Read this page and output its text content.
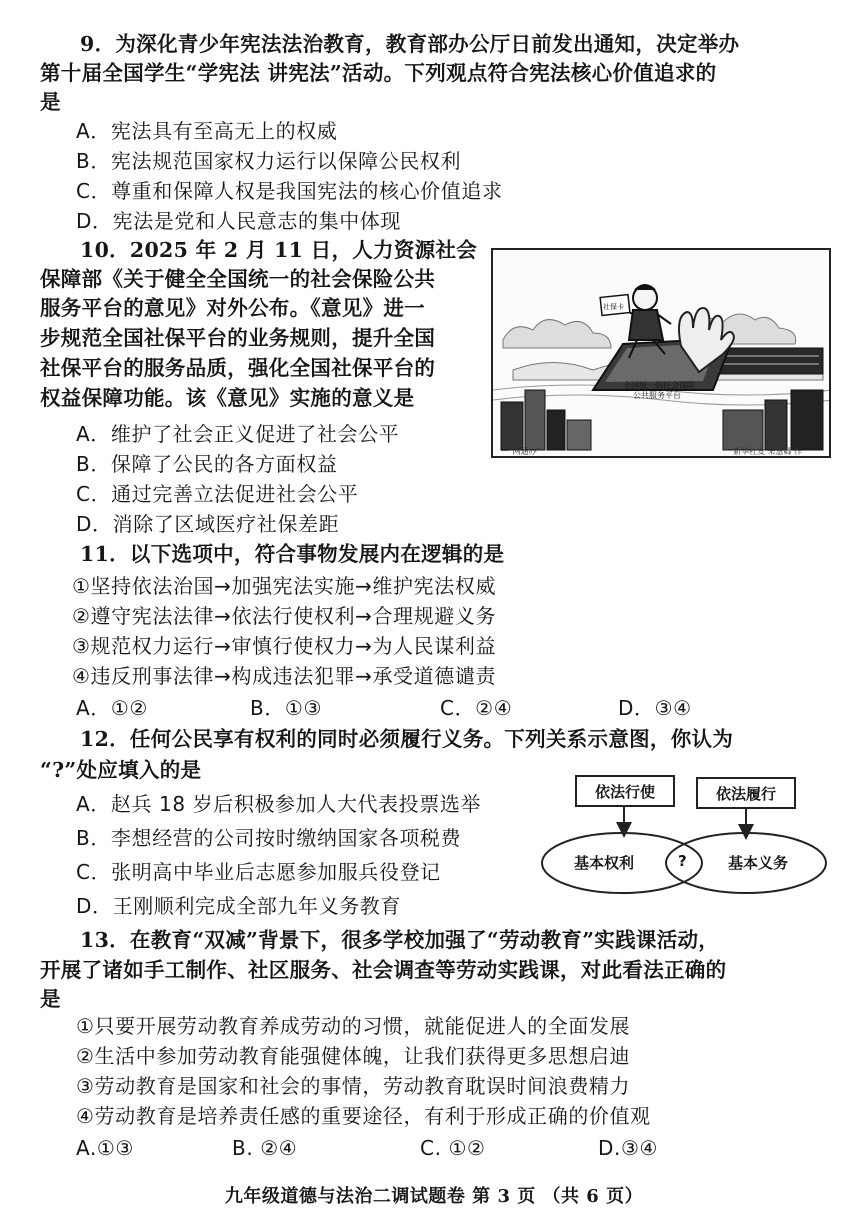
9．为深化青少年宪法法治教育，教育部办公厅日前发出通知，决定举办
第十届全国学生“学宪法 讲宪法”活动。下列观点符合宪法核心价值追求的
是
A．宪法具有至高无上的权威
B．宪法规范国家权力运行以保障公民权利
C．尊重和保障人权是我国宪法的核心价值追求
D．宪法是党和人民意志的集中体现
10．2025 年 2 月 11 日，人力资源社会
保障部《关于健全全国统一的社会保险公共
服务平台的意见》对外公布。《意见》进一
步规范全国社保平台的业务规则，提升全国
社保平台的服务品质，强化全国社保平台的
权益保障功能。该《意见》实施的意义是
A．维护了社会正义促进了社会公平
B．保障了公民的各方面权益
C．通过完善立法促进社会公平
D．消除了区域医疗社保差距
全国统一的社会保险
公共服务平台
社保卡
一"网通办"	新华社发 朱慧卿 作
11．以下选项中，符合事物发展内在逻辑的是
①坚持依法治国→加强宪法实施→维护宪法权威
②遵守宪法法律→依法行使权利→合理规避义务
③规范权力运行→审慎行使权力→为人民谋利益
④违反刑事法律→构成违法犯罪→承受道德谴责
A．①②	B．①③	C．②④	D．③④
12．任何公民享有权利的同时必须履行义务。下列关系示意图，你认为
“?”处应填入的是
A．赵兵 18 岁后积极参加人大代表投票选举
B．李想经营的公司按时缴纳国家各项税费
C．张明高中毕业后志愿参加服兵役登记
D．王刚顺利完成全部九年义务教育
依法行使	依法履行
基本权利	?	基本义务
13．在教育“双减”背景下，很多学校加强了“劳动教育”实践课活动，
开展了诸如手工制作、社区服务、社会调查等劳动实践课，对此看法正确的
是
①只要开展劳动教育养成劳动的习惯，就能促进人的全面发展
②生活中参加劳动教育能强健体魄，让我们获得更多思想启迪
③劳动教育是国家和社会的事情，劳动教育耽误时间浪费精力
④劳动教育是培养责任感的重要途径，有利于形成正确的价值观
A.①③	B. ②④	C. ①②	D.③④
九年级道德与法治二调试题卷 第 3 页 （共 6 页）
